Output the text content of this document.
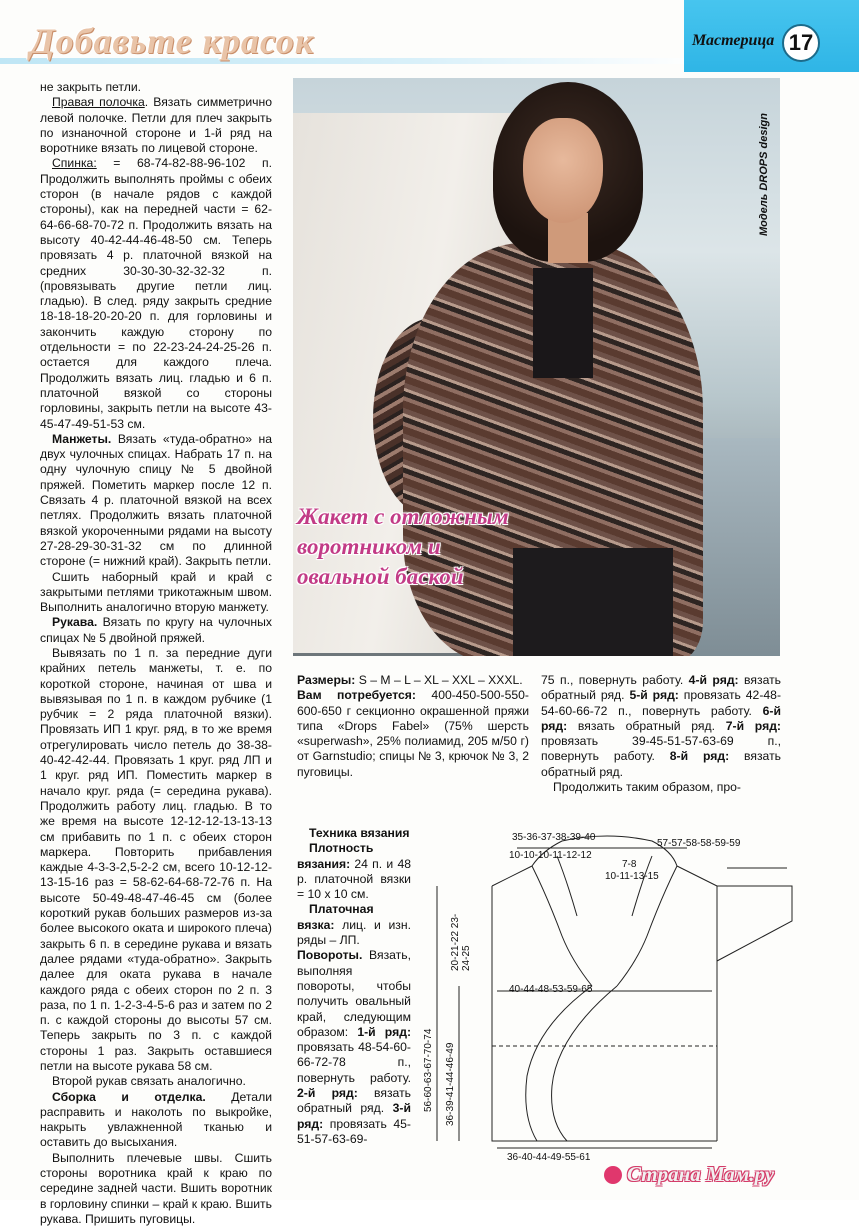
Добавьте красок	Мастерица 17

не закрыть петли.

Правая полочка. Вязать симметрично левой полочке. Петли для плеч закрыть по изнаночной стороне и 1-й ряд на воротнике вязать по лицевой стороне.

Спинка: = 68-74-82-88-96-102 п. Продолжить выполнять проймы с обеих сторон (в начале рядов с каждой стороны), как на передней части = 62-64-66-68-70-72 п. Продолжить вязать на высоту 40-42-44-46-48-50 см. Теперь провязать 4 р. платочной вязкой на средних 30-30-30-32-32-32 п. (провязывать другие петли лиц. гладью). В след. ряду закрыть средние 18-18-18-20-20-20 п. для горловины и закончить каждую сторону по отдельности = по 22-23-24-24-25-26 п. остается для каждого плеча. Продолжить вязать лиц. гладью и 6 п. платочной вязкой со стороны горловины, закрыть петли на высоте 43-45-47-49-51-53 см.

Манжеты. Вязать «туда-обратно» на двух чулочных спицах. Набрать 17 п. на одну чулочную спицу № 5 двойной пряжей. Пометить маркер после 12 п. Связать 4 р. платочной вязкой на всех петлях. Продолжить вязать платочной вязкой укороченными рядами на высоту 27-28-29-30-31-32 см по длинной стороне (= нижний край). Закрыть петли.

Сшить наборный край и край с закрытыми петлями трикотажным швом. Выполнить аналогично вторую манжету.

Рукава. Вязать по кругу на чулочных спицах № 5 двойной пряжей.

Вывязать по 1 п. за передние дуги крайних петель манжеты, т. е. по короткой стороне, начиная от шва и вывязывая по 1 п. в каждом рубчике (1 рубчик = 2 ряда платочной вязки). Провязать ИП 1 круг. ряд, в то же время отрегулировать число петель до 38-38-40-42-42-44. Провязать 1 круг. ряд ЛП и 1 круг. ряд ИП. Поместить маркер в начало круг. ряда (= середина рукава). Продолжить работу лиц. гладью. В то же время на высоте 12-12-12-13-13-13 см прибавить по 1 п. с обеих сторон маркера. Повторить прибавления каждые 4-3-3-2,5-2-2 см, всего 10-12-12-13-15-16 раз = 58-62-64-68-72-76 п. На высоте 50-49-48-47-46-45 см (более короткий рукав больших размеров из-за более высокого оката и широкого плеча) закрыть 6 п. в середине рукава и вязать далее рядами «туда-обратно». Закрыть далее для оката рукава в начале каждого ряда с обеих сторон по 2 п. 3 раза, по 1 п. 1-2-3-4-5-6 раз и затем по 2 п. с каждой стороны до высоты 57 см. Теперь закрыть по 3 п. с каждой стороны 1 раз. Закрыть оставшиеся петли на высоте рукава 58 см.

Второй рукав связать аналогично.

Сборка и отделка. Детали расправить и наколоть по выкройке, накрыть увлажненной тканью и оставить до высыхания.

Выполнить плечевые швы. Сшить стороны воротника край к краю по середине задней части. Вшить воротник в горловину спинки – край к краю. Вшить рукава. Пришить пуговицы.

Модель DROPS design
Жакет с отложным воротником и овальной баской

Размеры: S – M – L – XL – XXL – XXXL.

Вам потребуется: 400-450-500-550-600-650 г секционно окрашенной пряжи типа «Drops Fabel» (75% шерсть «superwash», 25% полиамид, 205 м/50 г) от Garnstudio; спицы № 3, крючок № 3, 2 пуговицы.

Техника вязания

Плотность вязания: 24 п. и 48 р. платочной вязки = 10 х 10 см.

Платочная вязка: лиц. и изн. ряды – ЛП.

Повороты. Вязать, выполняя повороты, чтобы получить овальный край, следующим образом: 1-й ряд: провязать 48-54-60-66-72-78 п., повернуть работу. 2-й ряд: вязать обратный ряд. 3-й ряд: провязать 45-51-57-63-69-

75 п., повернуть работу. 4-й ряд: вязать обратный ряд. 5-й ряд: провязать 42-48-54-60-66-72 п., повернуть работу. 6-й ряд: вязать обратный ряд. 7-й ряд: провязать 39-45-51-57-63-69 п., повернуть работу. 8-й ряд: вязать обратный ряд.

Продолжить таким образом, про-

35-36-37-38-39-40
10-10-10-11-12-12
7-8
10-11-13-15
57-57-58-58-59-59
20-21-22 23-24-25
40-44-48-53-59-65
56-60-63-67-70-74 36-39-41-44-46-49
36-40-44-49-55-61
Страна Мам.ру
